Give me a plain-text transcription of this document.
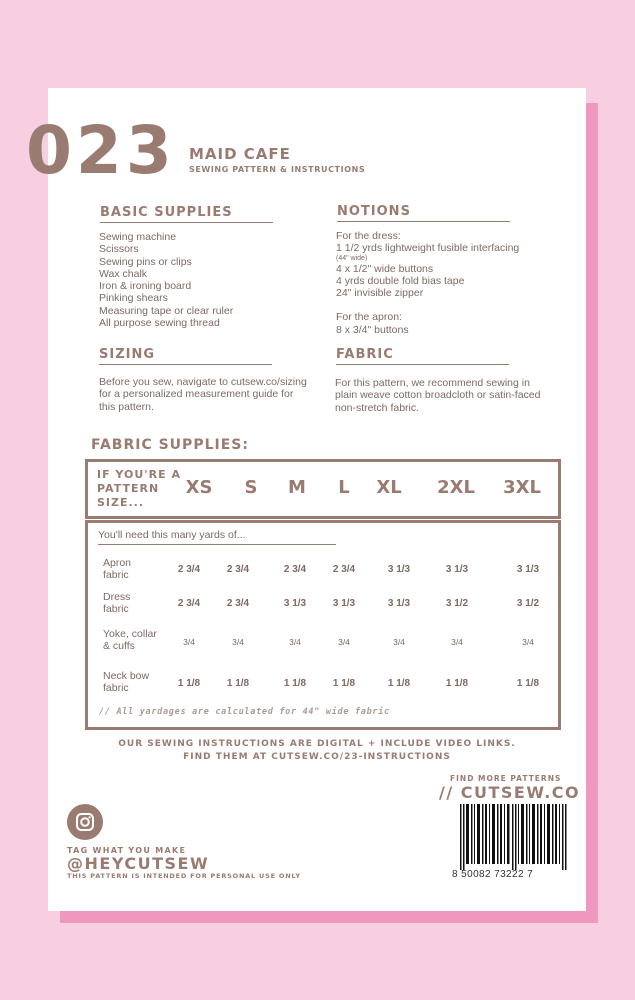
023 MAID CAFE
SEWING PATTERN & INSTRUCTIONS
BASIC SUPPLIES
Sewing machine
Scissors
Sewing pins or clips
Wax chalk
Iron & ironing board
Pinking shears
Measuring tape or clear ruler
All purpose sewing thread
NOTIONS
For the dress:
1 1/2 yrds lightweight fusible interfacing
(44" wide)
4 x 1/2" wide buttons
4 yrds double fold bias tape
24" invisible zipper
For the apron:
8 x 3/4" buttons
SIZING
Before you sew, navigate to cutsew.co/sizing for a personalized measurement guide for this pattern.
FABRIC
For this pattern, we recommend sewing in plain weave cotton broadcloth or satin-faced non-stretch fabric.
FABRIC SUPPLIES:
IF YOU'RE A
PATTERN
SIZE...
XS S M L XL 2XL 3XL
You'll need this many yards of...
Apron
fabric	2 3/4	2 3/4	2 3/4	2 3/4	3 1/3	3 1/3	3 1/3
Dress
fabric	2 3/4	2 3/4	3 1/3	3 1/3	3 1/3	3 1/2	3 1/2
Yoke, collar
& cuffs	3/4	3/4	3/4	3/4	3/4	3/4	3/4
Neck bow
fabric	1 1/8	1 1/8	1 1/8	1 1/8	1 1/8	1 1/8	1 1/8
// All yardages are calculated for 44" wide fabric
OUR SEWING INSTRUCTIONS ARE DIGITAL + INCLUDE VIDEO LINKS.
FIND THEM AT CUTSEW.CO/23-INSTRUCTIONS
FIND MORE PATTERNS
// CUTSEW.CO
8 50082 73222 7
TAG WHAT YOU MAKE
@HEYCUTSEW
THIS PATTERN IS INTENDED FOR PERSONAL USE ONLY
